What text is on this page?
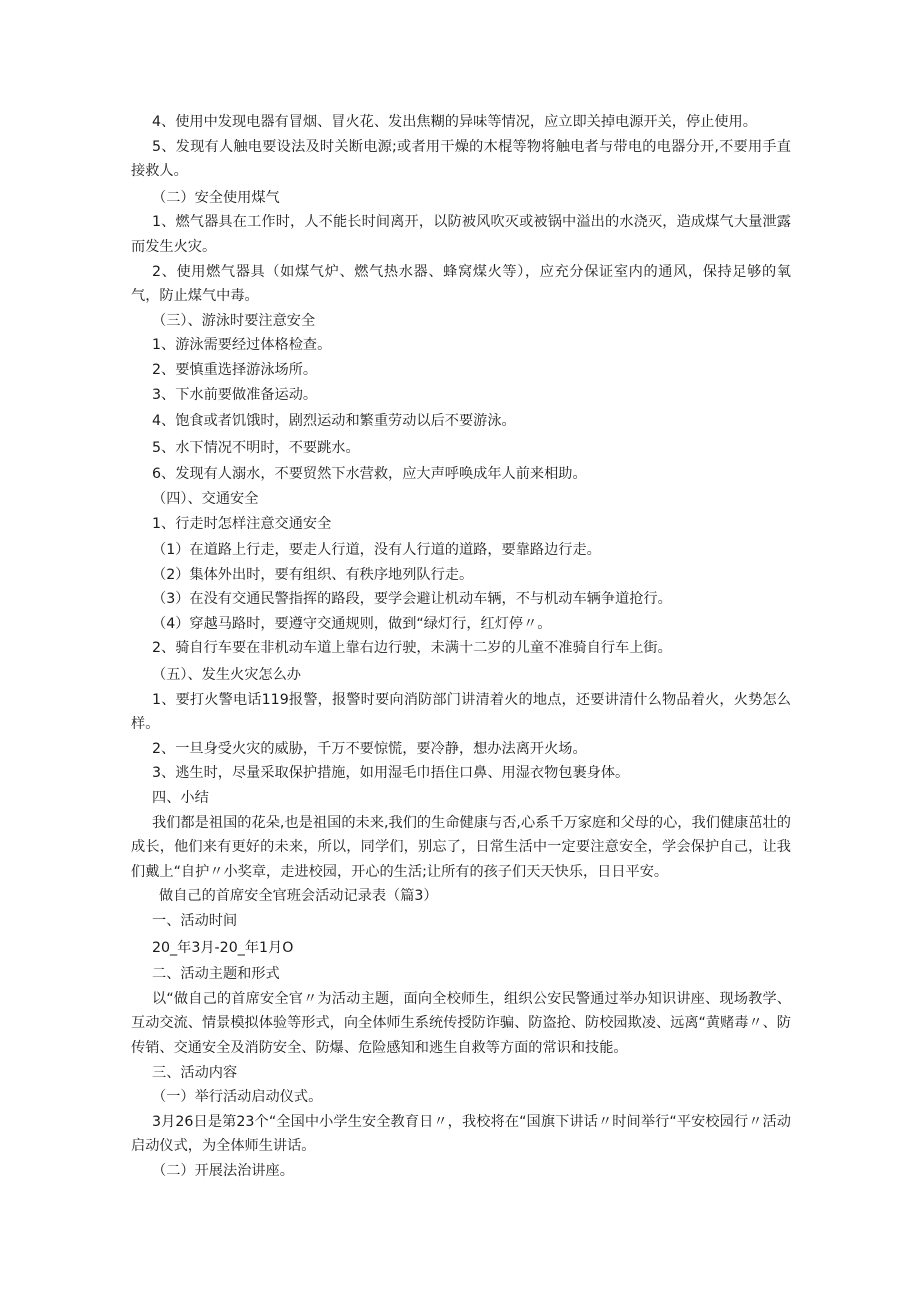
4、使用中发现电器有冒烟、冒火花、发出焦糊的异味等情况，应立即关掉电源开关，停止使用。

5、发现有人触电要设法及时关断电源;或者用干燥的木棍等物将触电者与带电的电器分开,不要用手直接救人。

（二）安全使用煤气

1、燃气器具在工作时，人不能长时间离开，以防被风吹灭或被锅中溢出的水浇灭，造成煤气大量泄露而发生火灾。

2、使用燃气器具（如煤气炉、燃气热水器、蜂窝煤火等），应充分保证室内的通风，保持足够的氧气，防止煤气中毒。

（三）、游泳时要注意安全

1、游泳需要经过体格检查。

2、要慎重选择游泳场所。

3、下水前要做准备运动。

4、饱食或者饥饿时，剧烈运动和繁重劳动以后不要游泳。

5、水下情况不明时，不要跳水。

6、发现有人溺水，不要贸然下水营救，应大声呼唤成年人前来相助。

（四）、交通安全

1、行走时怎样注意交通安全

（1）在道路上行走，要走人行道，没有人行道的道路，要靠路边行走。

（2）集体外出时，要有组织、有秩序地列队行走。

（3）在没有交通民警指挥的路段，要学会避让机动车辆，不与机动车辆争道抢行。

（4）穿越马路时，要遵守交通规则，做到“绿灯行，红灯停〃。

2、骑自行车要在非机动车道上靠右边行驶，未满十二岁的儿童不准骑自行车上街。

（五）、发生火灾怎么办

1、要打火警电话119报警，报警时要向消防部门讲清着火的地点，还要讲清什么物品着火，火势怎么样。

2、一旦身受火灾的威胁，千万不要惊慌，要冷静，想办法离开火场。

3、逃生时，尽量采取保护措施，如用湿毛巾捂住口鼻、用湿衣物包裹身体。

四、小结

我们都是祖国的花朵,也是祖国的未来,我们的生命健康与否,心系千万家庭和父母的心，我们健康茁壮的成长，他们来有更好的未来，所以，同学们，别忘了，日常生活中一定要注意安全，学会保护自己，让我们戴上“自护〃小奖章，走进校园，开心的生活;让所有的孩子们天天快乐，日日平安。

做自己的首席安全官班会活动记录表（篇3）

一、活动时间

20_年3月-20_年1月O

二、活动主题和形式

以“做自己的首席安全官〃为活动主题，面向全校师生，组织公安民警通过举办知识讲座、现场教学、互动交流、情景模拟体验等形式，向全体师生系统传授防诈骗、防盗抢、防校园欺凌、远离“黄赌毒〃、防传销、交通安全及消防安全、防爆、危险感知和逃生自救等方面的常识和技能。

三、活动内容

（一）举行活动启动仪式。

3月26日是第23个“全国中小学生安全教育日〃，我校将在“国旗下讲话〃时间举行“平安校园行〃活动启动仪式，为全体师生讲话。

（二）开展法治讲座。
